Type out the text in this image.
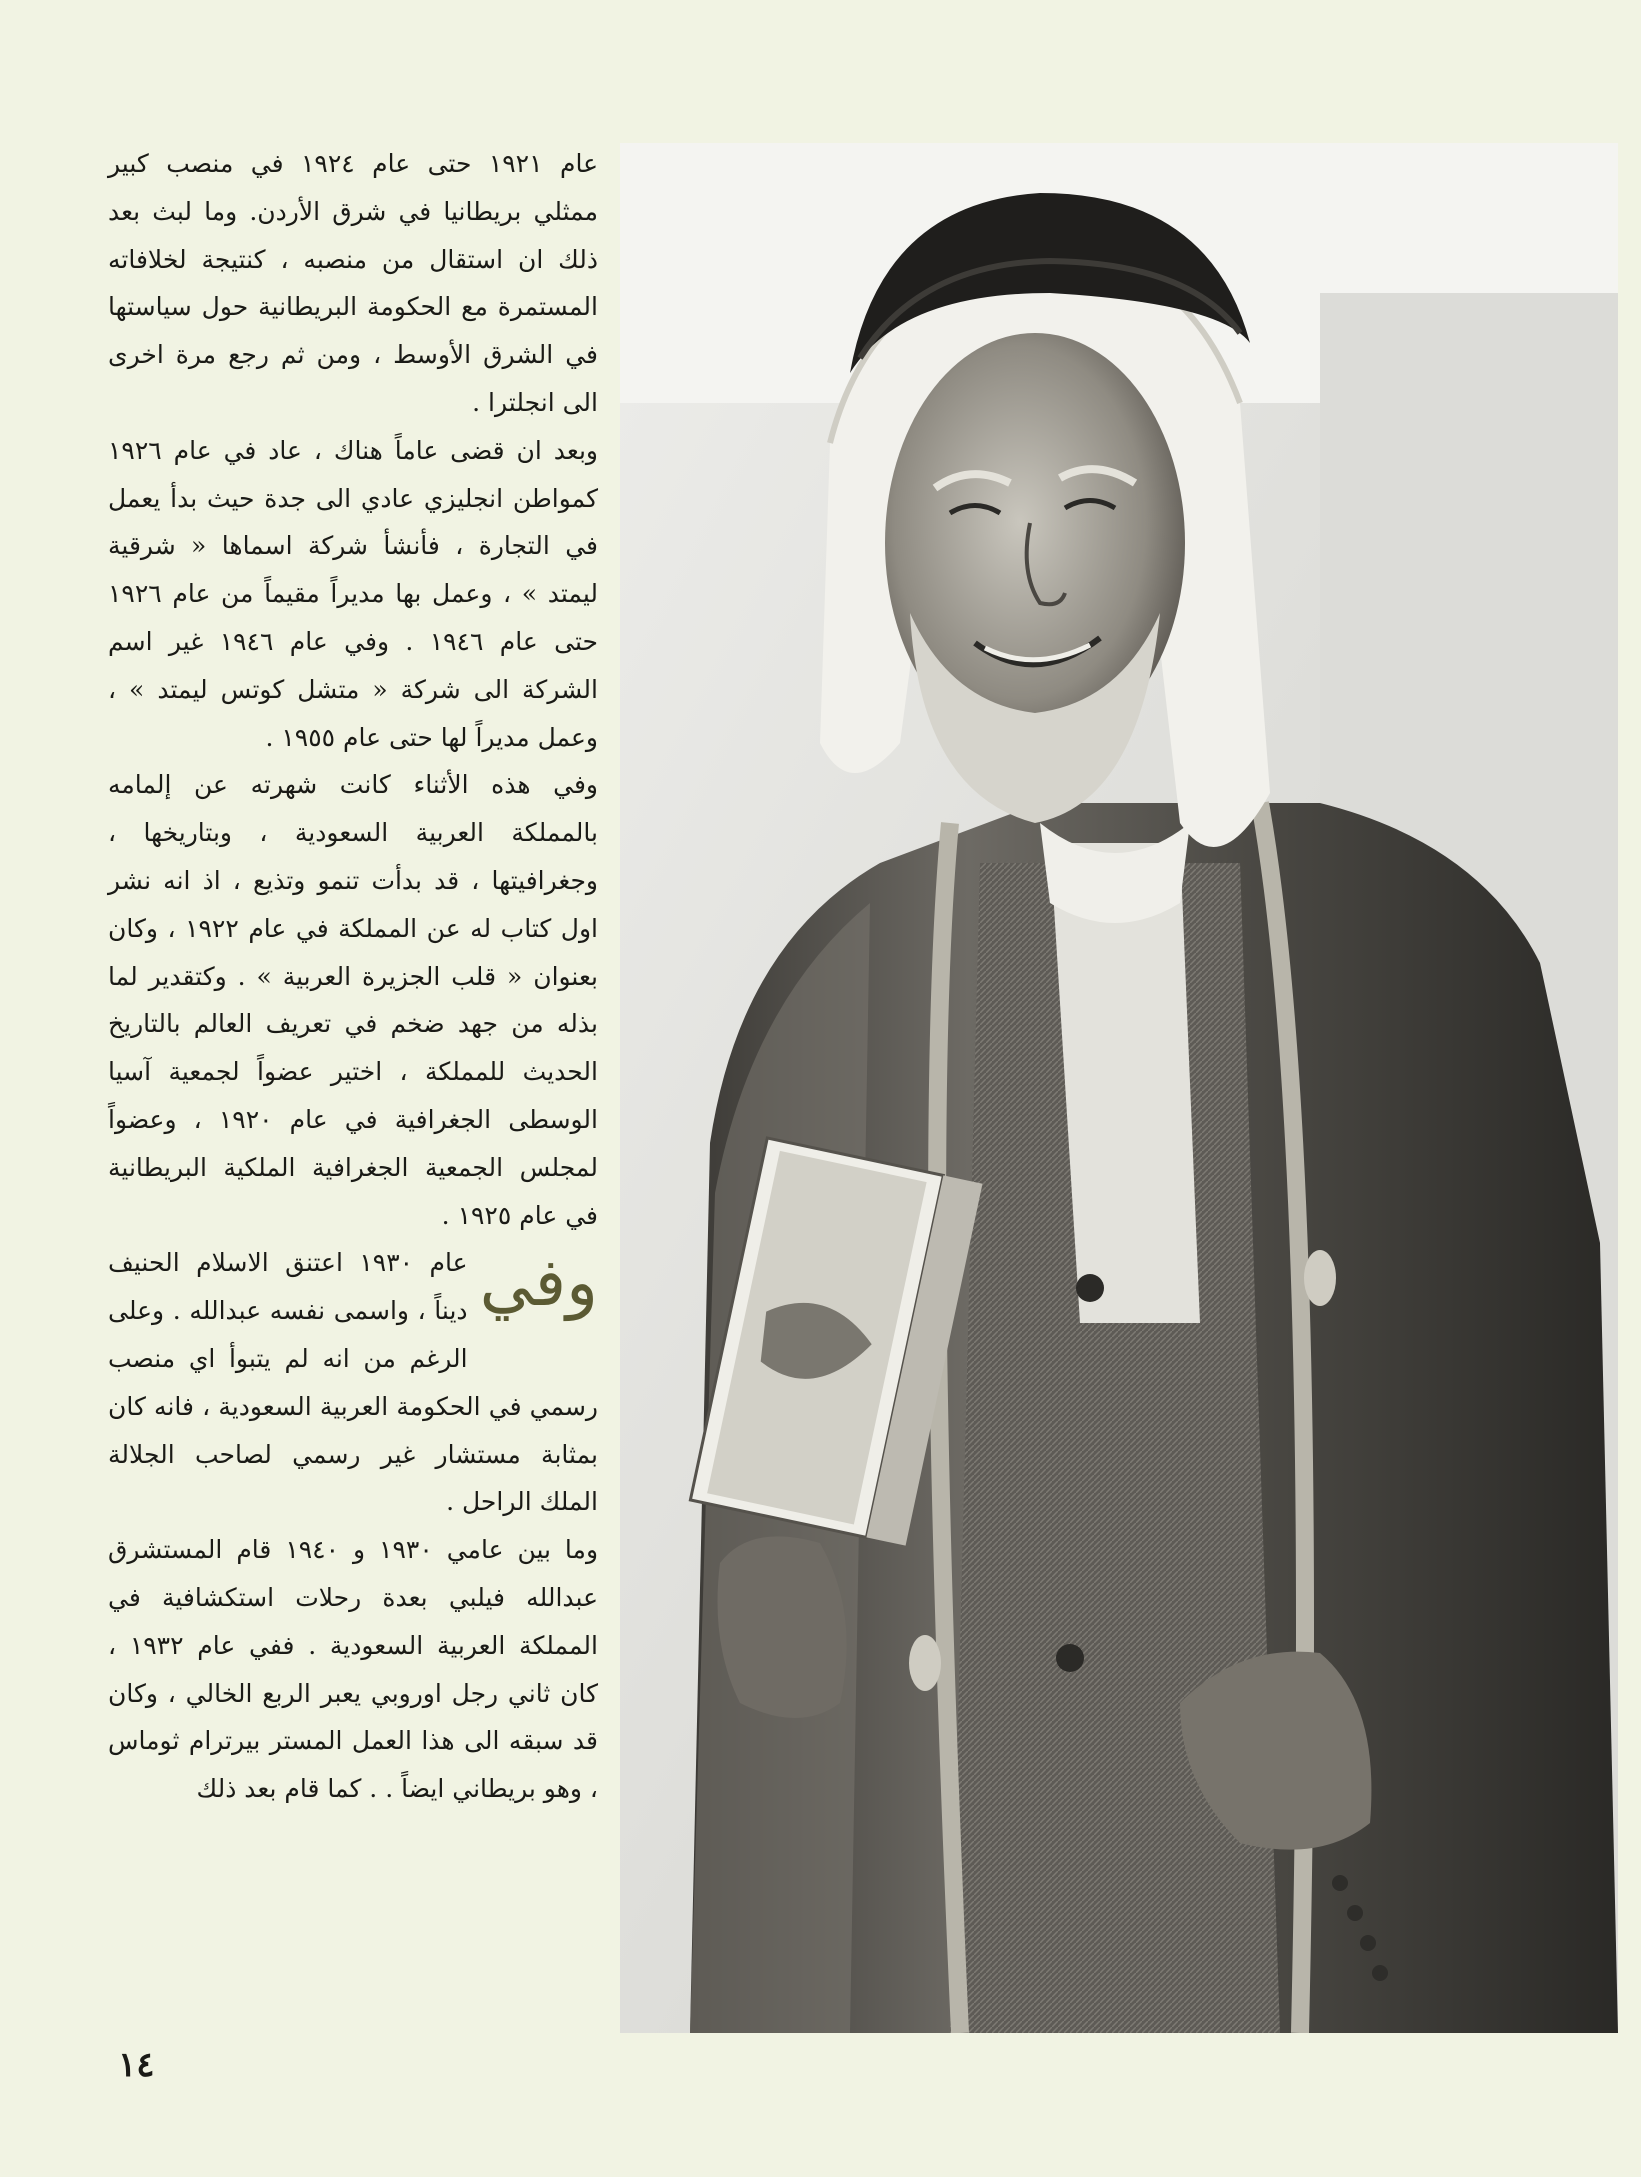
عام ١٩٢١ حتى عام ١٩٢٤ في منصب كبير ممثلي بريطانيا في شرق الأردن. وما لبث بعد ذلك ان استقال من منصبه ، كنتيجة لخلافاته المستمرة مع الحكومة البريطانية حول سياستها في الشرق الأوسط ، ومن ثم رجع مرة اخرى الى انجلترا .

وبعد ان قضى عاماً هناك ، عاد في عام ١٩٢٦ كمواطن انجليزي عادي الى جدة حيث بدأ يعمل في التجارة ، فأنشأ شركة اسماها « شرقية ليمتد » ، وعمل بها مديراً مقيماً من عام ١٩٢٦ حتى عام ١٩٤٦ . وفي عام ١٩٤٦ غير اسم الشركة الى شركة « متشل كوتس ليمتد » ، وعمل مديراً لها حتى عام ١٩٥٥ .

وفي هذه الأثناء كانت شهرته عن إلمامه بالمملكة العربية السعودية ، وبتاريخها ، وجغرافيتها ، قد بدأت تنمو وتذيع ، اذ انه نشر اول كتاب له عن المملكة في عام ١٩٢٢ ، وكان بعنوان « قلب الجزيرة العربية » . وكتقدير لما بذله من جهد ضخم في تعريف العالم بالتاريخ الحديث للمملكة ، اختير عضواً لجمعية آسيا الوسطى الجغرافية في عام ١٩٢٠ ، وعضواً لمجلس الجمعية الجغرافية الملكية البريطانية في عام ١٩٢٥ .

وفي
عام ١٩٣٠ اعتنق الاسلام الحنيف ديناً ، واسمى نفسه عبدالله . وعلى الرغم من انه لم يتبوأ اي منصب رسمي في الحكومة العربية السعودية ، فانه كان بمثابة مستشار غير رسمي لصاحب الجلالة الملك الراحل .

وما بين عامي ١٩٣٠ و ١٩٤٠ قام المستشرق عبدالله فيلبي بعدة رحلات استكشافية في المملكة العربية السعودية . ففي عام ١٩٣٢ ، كان ثاني رجل اوروبي يعبر الربع الخالي ، وكان قد سبقه الى هذا العمل المستر بيرترام ثوماس ، وهو بريطاني ايضاً . . كما قام بعد ذلك

١٤
